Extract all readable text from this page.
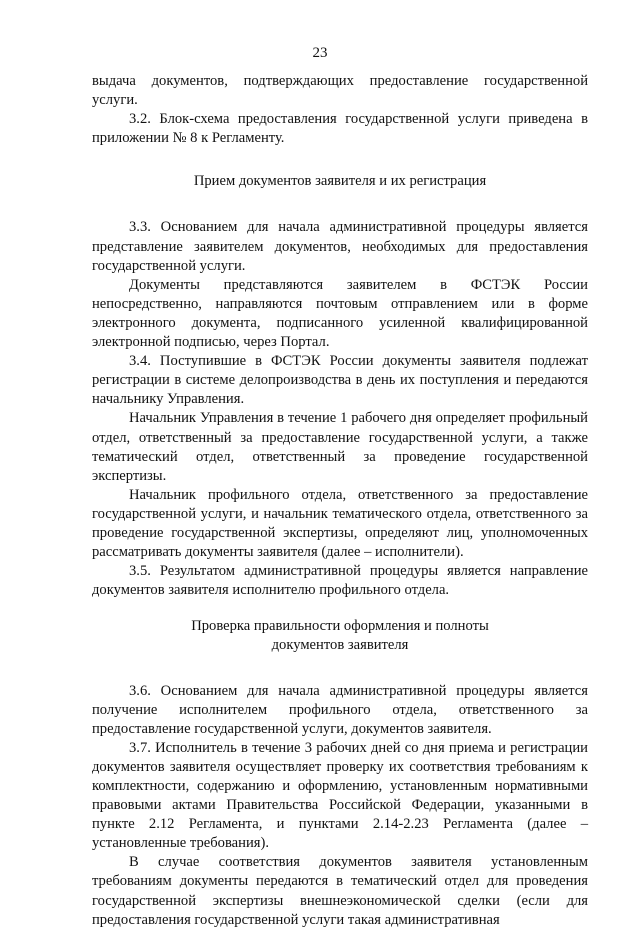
23

выдача документов, подтверждающих предоставление государственной услуги.

3.2. Блок-схема предоставления государственной услуги приведена в приложении № 8 к Регламенту.

Прием документов заявителя и их регистрация

3.3. Основанием для начала административной процедуры является представление заявителем документов, необходимых для предоставления государственной услуги.

Документы представляются заявителем в ФСТЭК России непосредственно, направляются почтовым отправлением или в форме электронного документа, подписанного усиленной квалифицированной электронной подписью, через Портал.

3.4. Поступившие в ФСТЭК России документы заявителя подлежат регистрации в системе делопроизводства в день их поступления и передаются начальнику Управления.

Начальник Управления в течение 1 рабочего дня определяет профильный отдел, ответственный за предоставление государственной услуги, а также тематический отдел, ответственный за проведение государственной экспертизы.

Начальник профильного отдела, ответственного за предоставление государственной услуги, и начальник тематического отдела, ответственного за проведение государственной экспертизы, определяют лиц, уполномоченных рассматривать документы заявителя (далее – исполнители).

3.5. Результатом административной процедуры является направление документов заявителя исполнителю профильного отдела.

Проверка правильности оформления и полноты
документов заявителя

3.6. Основанием для начала административной процедуры является получение исполнителем профильного отдела, ответственного за предоставление государственной услуги, документов заявителя.

3.7. Исполнитель в течение 3 рабочих дней со дня приема и регистрации документов заявителя осуществляет проверку их соответствия требованиям к комплектности, содержанию и оформлению, установленным нормативными правовыми актами Правительства Российской Федерации, указанными в пункте 2.12 Регламента, и пунктами 2.14-2.23 Регламента (далее – установленные требования).

В случае соответствия документов заявителя установленным требованиям документы передаются в тематический отдел для проведения государственной экспертизы внешнеэкономической сделки (если для предоставления государственной услуги такая административная
